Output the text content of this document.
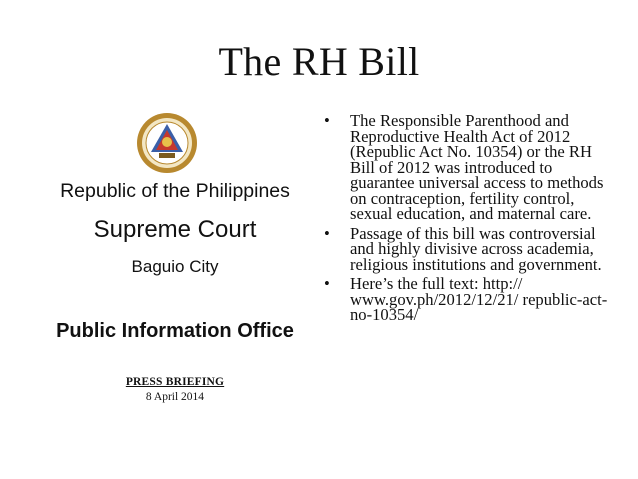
The RH Bill
Republic of the Philippines
Supreme Court
Baguio City
Public Information Office
PRESS BRIEFING
8 April 2014
• The Responsible Parenthood and Reproductive Health Act of 2012 (Republic Act No. 10354) or the RH Bill of 2012 was introduced to guarantee universal access to methods on contraception, fertility control, sexual education, and maternal care.
• Passage of this bill was controversial and highly divisive across academia, religious institutions and government.
• Here’s the full text: http:// www.gov.ph/2012/12/21/ republic-act-no-10354/
